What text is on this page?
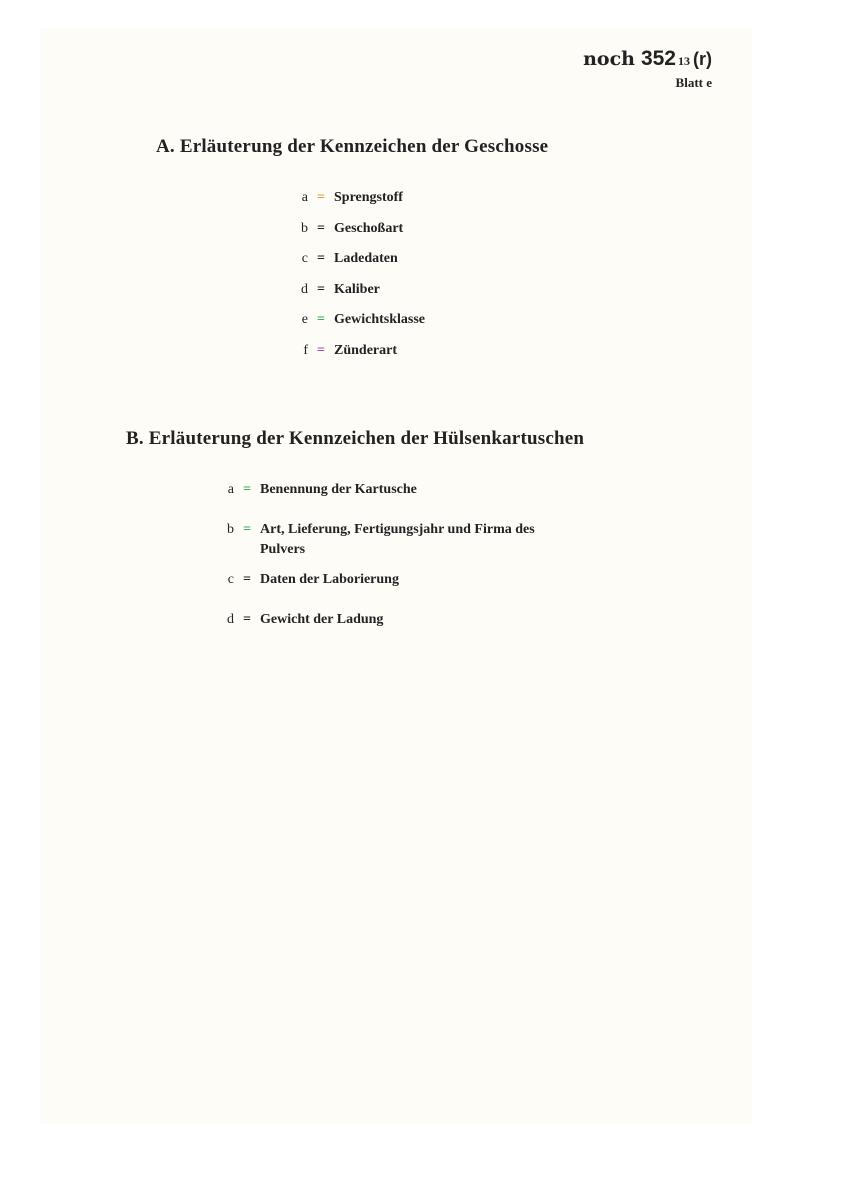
noch 352 13 (r)
Blatt e
A. Erläuterung der Kennzeichen der Geschosse
a = Sprengstoff
b = Geschoßart
c = Ladedaten
d = Kaliber
e = Gewichtsklasse
f = Zünderart
B. Erläuterung der Kennzeichen der Hülsenkartuschen
a = Benennung der Kartusche
b = Art, Lieferung, Fertigungsjahr und Firma des Pulvers
c = Daten der Laborierung
d = Gewicht der Ladung
